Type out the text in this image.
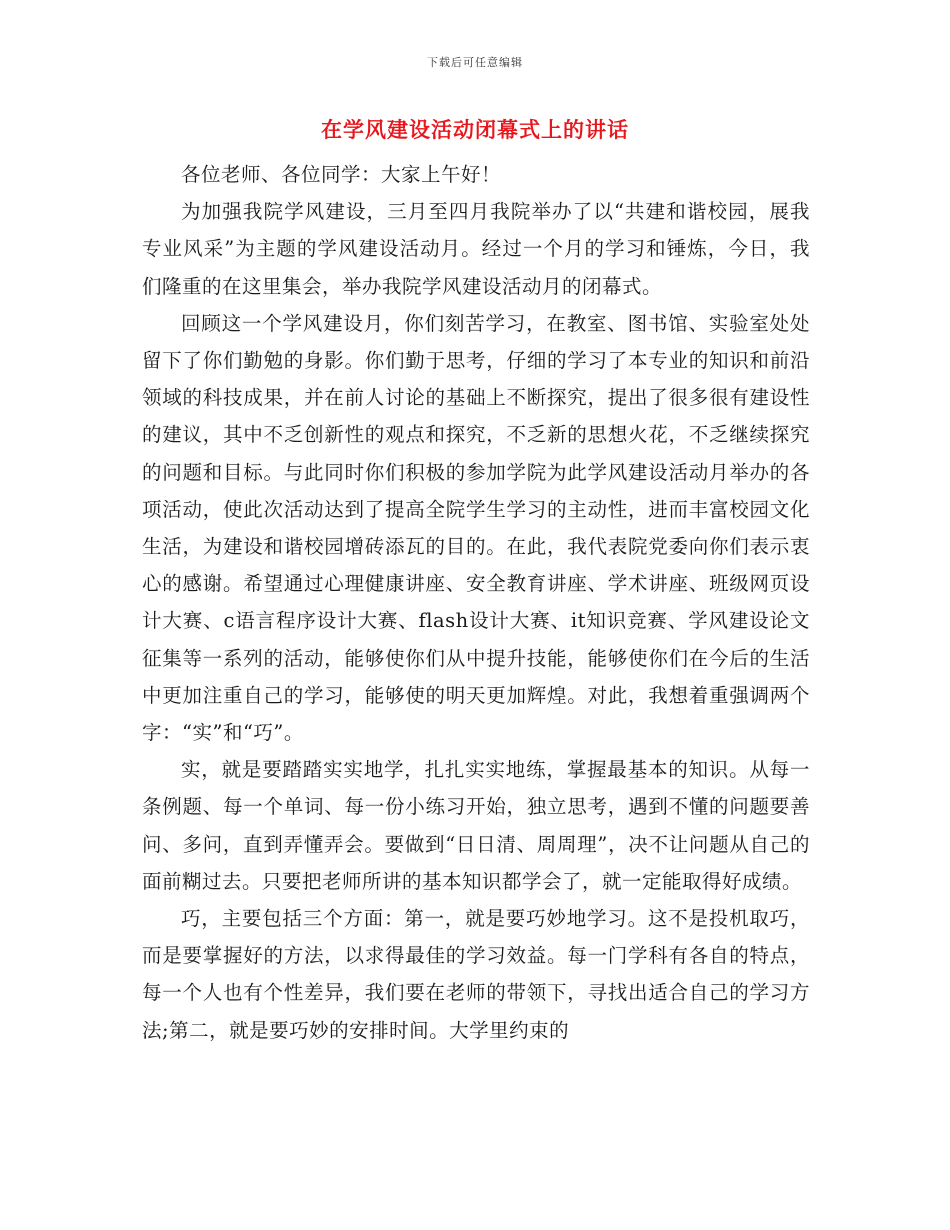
下载后可任意编辑
在学风建设活动闭幕式上的讲话

各位老师、各位同学：大家上午好！

为加强我院学风建设，三月至四月我院举办了以“共建和谐校园，展我专业风采”为主题的学风建设活动月。经过一个月的学习和锤炼，今日，我们隆重的在这里集会，举办我院学风建设活动月的闭幕式。

回顾这一个学风建设月，你们刻苦学习，在教室、图书馆、实验室处处留下了你们勤勉的身影。你们勤于思考，仔细的学习了本专业的知识和前沿领域的科技成果，并在前人讨论的基础上不断探究，提出了很多很有建设性的建议，其中不乏创新性的观点和探究，不乏新的思想火花，不乏继续探究的问题和目标。与此同时你们积极的参加学院为此学风建设活动月举办的各项活动，使此次活动达到了提高全院学生学习的主动性，进而丰富校园文化生活，为建设和谐校园增砖添瓦的目的。在此，我代表院党委向你们表示衷心的感谢。希望通过心理健康讲座、安全教育讲座、学术讲座、班级网页设计大赛、c语言程序设计大赛、flash设计大赛、it知识竞赛、学风建设论文征集等一系列的活动，能够使你们从中提升技能，能够使你们在今后的生活中更加注重自己的学习，能够使的明天更加辉煌。对此，我想着重强调两个字：“实”和“巧”。

实，就是要踏踏实实地学，扎扎实实地练，掌握最基本的知识。从每一条例题、每一个单词、每一份小练习开始，独立思考，遇到不懂的问题要善问、多问，直到弄懂弄会。要做到“日日清、周周理”，决不让问题从自己的面前糊过去。只要把老师所讲的基本知识都学会了，就一定能取得好成绩。

巧，主要包括三个方面：第一，就是要巧妙地学习。这不是投机取巧，而是要掌握好的方法，以求得最佳的学习效益。每一门学科有各自的特点，每一个人也有个性差异，我们要在老师的带领下，寻找出适合自己的学习方法;第二，就是要巧妙的安排时间。大学里约束的
